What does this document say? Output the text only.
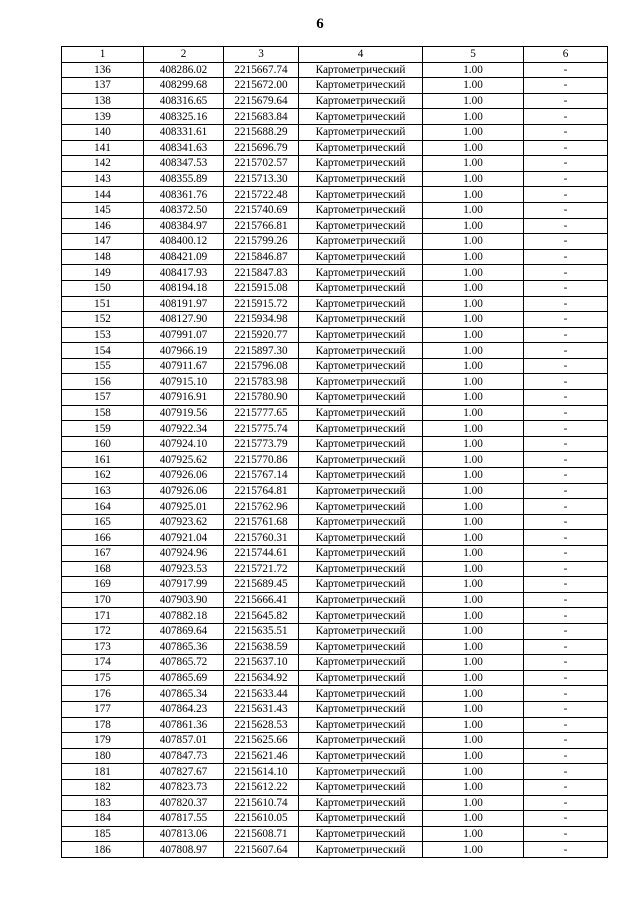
6
1	2	3	4	5	6
136	408286.02	2215667.74	Картометрический	1.00	-
137	408299.68	2215672.00	Картометрический	1.00	-
138	408316.65	2215679.64	Картометрический	1.00	-
139	408325.16	2215683.84	Картометрический	1.00	-
140	408331.61	2215688.29	Картометрический	1.00	-
141	408341.63	2215696.79	Картометрический	1.00	-
142	408347.53	2215702.57	Картометрический	1.00	-
143	408355.89	2215713.30	Картометрический	1.00	-
144	408361.76	2215722.48	Картометрический	1.00	-
145	408372.50	2215740.69	Картометрический	1.00	-
146	408384.97	2215766.81	Картометрический	1.00	-
147	408400.12	2215799.26	Картометрический	1.00	-
148	408421.09	2215846.87	Картометрический	1.00	-
149	408417.93	2215847.83	Картометрический	1.00	-
150	408194.18	2215915.08	Картометрический	1.00	-
151	408191.97	2215915.72	Картометрический	1.00	-
152	408127.90	2215934.98	Картометрический	1.00	-
153	407991.07	2215920.77	Картометрический	1.00	-
154	407966.19	2215897.30	Картометрический	1.00	-
155	407911.67	2215796.08	Картометрический	1.00	-
156	407915.10	2215783.98	Картометрический	1.00	-
157	407916.91	2215780.90	Картометрический	1.00	-
158	407919.56	2215777.65	Картометрический	1.00	-
159	407922.34	2215775.74	Картометрический	1.00	-
160	407924.10	2215773.79	Картометрический	1.00	-
161	407925.62	2215770.86	Картометрический	1.00	-
162	407926.06	2215767.14	Картометрический	1.00	-
163	407926.06	2215764.81	Картометрический	1.00	-
164	407925.01	2215762.96	Картометрический	1.00	-
165	407923.62	2215761.68	Картометрический	1.00	-
166	407921.04	2215760.31	Картометрический	1.00	-
167	407924.96	2215744.61	Картометрический	1.00	-
168	407923.53	2215721.72	Картометрический	1.00	-
169	407917.99	2215689.45	Картометрический	1.00	-
170	407903.90	2215666.41	Картометрический	1.00	-
171	407882.18	2215645.82	Картометрический	1.00	-
172	407869.64	2215635.51	Картометрический	1.00	-
173	407865.36	2215638.59	Картометрический	1.00	-
174	407865.72	2215637.10	Картометрический	1.00	-
175	407865.69	2215634.92	Картометрический	1.00	-
176	407865.34	2215633.44	Картометрический	1.00	-
177	407864.23	2215631.43	Картометрический	1.00	-
178	407861.36	2215628.53	Картометрический	1.00	-
179	407857.01	2215625.66	Картометрический	1.00	-
180	407847.73	2215621.46	Картометрический	1.00	-
181	407827.67	2215614.10	Картометрический	1.00	-
182	407823.73	2215612.22	Картометрический	1.00	-
183	407820.37	2215610.74	Картометрический	1.00	-
184	407817.55	2215610.05	Картометрический	1.00	-
185	407813.06	2215608.71	Картометрический	1.00	-
186	407808.97	2215607.64	Картометрический	1.00	-
